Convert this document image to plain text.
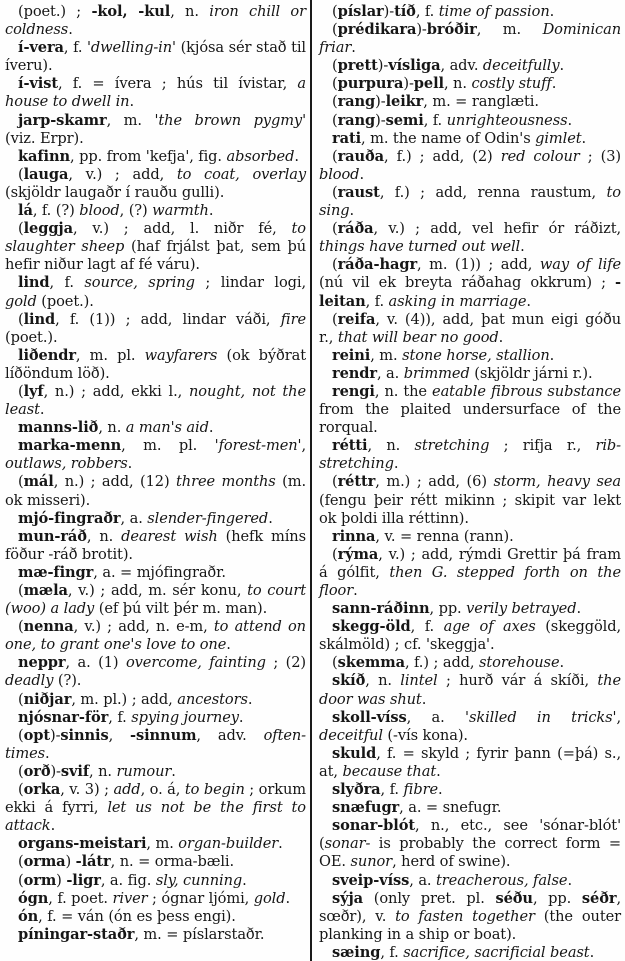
(poet.) ; -kol, -kul, n. iron chill or coldness.

í-vera, f. 'dwelling-in' (kjósa sér stað til íveru).

í-vist, f. = ívera ; hús til ívistar, a house to dwell in.

jarp-skamr, m. 'the brown pygmy' (viz. Erpr).

kafinn, pp. from 'kefja', fig. absorbed.

(lauga, v.) ; add, to coat, overlay (skjöldr laugaðr í rauðu gulli).

lá, f. (?) blood, (?) warmth.

(leggja, v.) ; add, l. niðr fé, to slaughter sheep (haf frjálst þat, sem þú hefir niður lagt af fé váru).

lind, f. source, spring ; lindar logi, gold (poet.).

(lind, f. (1)) ; add, lindar váði, fire (poet.).

liðendr, m. pl. wayfarers (ok býðrat líðöndum löð).

(lyf, n.) ; add, ekki l., nought, not the least.

manns-lið, n. a man's aid.

marka-menn, m. pl. 'forest-men', outlaws, robbers.

(mál, n.) ; add, (12) three months (m. ok misseri).

mjó-fingraðr, a. slender-fingered.

mun-ráð, n. dearest wish (hefk míns föður -ráð brotit).

mæ-fingr, a. = mjófingraðr.

(mæla, v.) ; add, m. sér konu, to court (woo) a lady (ef þú vilt þér m. man).

(nenna, v.) ; add, n. e-m, to attend on one, to grant one's love to one.

neppr, a. (1) overcome, fainting ; (2) deadly (?).

(niðjar, m. pl.) ; add, ancestors.

njósnar-för, f. spying journey.

(opt)-sinnis, -sinnum, adv. often-times.

(orð)-svif, n. rumour.

(orka, v. 3) ; add, o. á, to begin ; orkum ekki á fyrri, let us not be the first to attack.

organs-meistari, m. organ-builder.

(orma) -látr, n. = orma-bæli.

(orm) -ligr, a. fig. sly, cunning.

ógn, f. poet. river ; ógnar ljómi, gold.

ón, f. = ván (ón es þess engi).

píningar-staðr, m. = píslarstaðr.

(píslar)-tíð, f. time of passion.

(prédikara)-bróðir, m. Dominican friar.

(prett)-vísliga, adv. deceitfully.

(purpura)-pell, n. costly stuff.

(rang)-leikr, m. = ranglæti.

(rang)-semi, f. unrighteousness.

rati, m. the name of Odin's gimlet.

(rauða, f.) ; add, (2) red colour ; (3) blood.

(raust, f.) ; add, renna raustum, to sing.

(ráða, v.) ; add, vel hefir ór ráðizt, things have turned out well.

(ráða-hagr, m. (1)) ; add, way of life (nú vil ek breyta ráðahag okkrum) ; -leitan, f. asking in marriage.

(reifa, v. (4)), add, þat mun eigi góðu r., that will bear no good.

reini, m. stone horse, stallion.

rendr, a. brimmed (skjöldr járni r.).

rengi, n. the eatable fibrous substance from the plaited undersurface of the rorqual.

rétti, n. stretching ; rifja r., rib-stretching.

(réttr, m.) ; add, (6) storm, heavy sea (fengu þeir rétt mikinn ; skipit var lekt ok þoldi illa réttinn).

rinna, v. = renna (rann).

(rýma, v.) ; add, rýmdi Grettir þá fram á gólfit, then G. stepped forth on the floor.

sann-ráðinn, pp. verily betrayed.

skegg-öld, f. age of axes (skeggöld, skálmöld) ; cf. 'skeggja'.

(skemma, f.) ; add, storehouse.

skíð, n. lintel ; hurð vár á skíði, the door was shut.

skoll-víss, a. 'skilled in tricks', deceitful (-vís kona).

skuld, f. = skyld ; fyrir þann (=þá) s., at, because that.

slyðra, f. fibre.

snæfugr, a. = snefugr.

sonar-blót, n., etc., see 'sónar-blót' (sonar- is probably the correct form = OE. sunor, herd of swine).

sveip-víss, a. treacherous, false.

sýja (only pret. pl. séðu, pp. séðr, sœðr), v. to fasten together (the outer planking in a ship or boat).

sæing, f. sacrifice, sacrificial beast.
